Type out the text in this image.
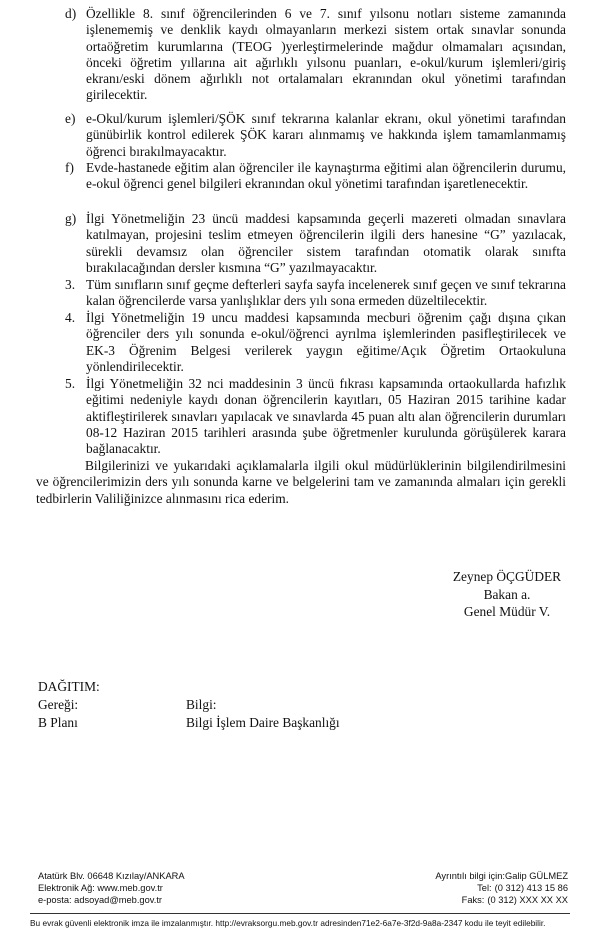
d) Özellikle 8. sınıf öğrencilerinden 6 ve 7. sınıf yılsonu notları sisteme zamanında işlenememiş ve denklik kaydı olmayanların merkezi sistem ortak sınavlar sonunda ortaöğretim kurumlarına (TEOG )yerleştirmelerinde mağdur olmamaları açısından, önceki öğretim yıllarına ait ağırlıklı yılsonu puanları, e-okul/kurum işlemleri/giriş ekranı/eski dönem ağırlıklı not ortalamaları ekranından okul yönetimi tarafından girilecektir.

e) e-Okul/kurum işlemleri/ŞÖK sınıf tekrarına kalanlar ekranı, okul yönetimi tarafından günübirlik kontrol edilerek ŞÖK kararı alınmamış ve hakkında işlem tamamlanmamış öğrenci bırakılmayacaktır.

f) Evde-hastanede eğitim alan öğrenciler ile kaynaştırma eğitimi alan öğrencilerin durumu, e-okul öğrenci genel bilgileri ekranından okul yönetimi tarafından işaretlenecektir.

g) İlgi Yönetmeliğin 23 üncü maddesi kapsamında geçerli mazereti olmadan sınavlara katılmayan, projesini teslim etmeyen öğrencilerin ilgili ders hanesine “G” yazılacak, sürekli devamsız olan öğrenciler sistem tarafından otomatik olarak sınıfta bırakılacağından dersler kısmına “G” yazılmayacaktır.

3. Tüm sınıfların sınıf geçme defterleri sayfa sayfa incelenerek sınıf geçen ve sınıf tekrarına kalan öğrencilerde varsa yanlışlıklar ders yılı sona ermeden düzeltilecektir.

4. İlgi Yönetmeliğin 19 uncu maddesi kapsamında mecburi öğrenim çağı dışına çıkan öğrenciler ders yılı sonunda e-okul/öğrenci ayrılma işlemlerinden pasifleştirilecek ve EK-3 Öğrenim Belgesi verilerek yaygın eğitime/Açık Öğretim Ortaokuluna yönlendirilecektir.

5. İlgi Yönetmeliğin 32 nci maddesinin 3 üncü fıkrası kapsamında ortaokullarda hafızlık eğitimi nedeniyle kaydı donan öğrencilerin kayıtları, 05 Haziran 2015 tarihine kadar aktifleştirilerek sınavları yapılacak ve sınavlarda 45 puan altı alan öğrencilerin durumları 08-12 Haziran 2015 tarihleri arasında şube öğretmenler kurulunda görüşülerek karara bağlanacaktır.

Bilgilerinizi ve yukarıdaki açıklamalarla ilgili okul müdürlüklerinin bilgilendirilmesini ve öğrencilerimizin ders yılı sonunda karne ve belgelerini tam ve zamanında almaları için gerekli tedbirlerin Valiliğinizce alınmasını rica ederim.

Zeynep ÖÇGÜDER
Bakan a.
Genel Müdür V.
DAĞITIM:
Gereği:
B Planı
Bilgi:
Bilgi İşlem Daire Başkanlığı
Atatürk Blv. 06648 Kızılay/ANKARA
Elektronik Ağ: www.meb.gov.tr
e-posta: adsoyad@meb.gov.tr
Ayrıntılı bilgi için:Galip GÜLMEZ
Tel: (0 312) 413 15 86
Faks: (0 312) XXX XX XX
Bu evrak güvenli elektronik imza ile imzalanmıştır. http://evraksorgu.meb.gov.tr adresinden71e2-6a7e-3f2d-9a8a-2347 kodu ile teyit edilebilir.
